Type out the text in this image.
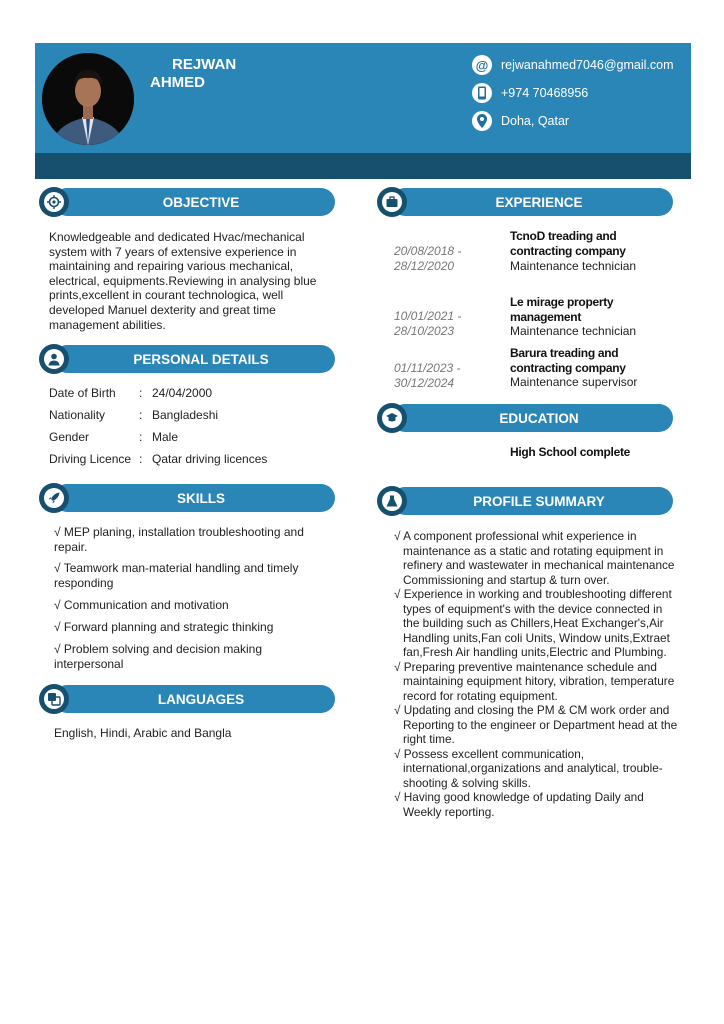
REJWAN
AHMED
@ rejwanahmed7046@gmail.com
+974 70468956
Doha, Qatar
OBJECTIVE
Knowledgeable and dedicated Hvac/mechanical system with 7 years of extensive experience in maintaining and repairing various mechanical, electrical, equipments.Reviewing in analysing blue prints,excellent in courant technologica, well developed Manuel dexterity and great time management abilities.
PERSONAL DETAILS
Date of Birth	: 24/04/2000
Nationality	: Bangladeshi
Gender	: Male
Driving Licence : Qatar driving licences
SKILLS
√ MEP planing, installation troubleshooting and repair.
√ Teamwork man-material handling and timely responding
√ Communication and motivation
√ Forward planning and strategic thinking
√ Problem solving and decision making interpersonal
LANGUAGES
English, Hindi, Arabic and Bangla
EXPERIENCE
TcnoD treading and contracting company
20/08/2018 - 28/12/2020	Maintenance technician
Le mirage property management
10/01/2021 - 28/10/2023	Maintenance technician
Barura treading and contracting company
01/11/2023 - 30/12/2024	Maintenance supervisor
EDUCATION
High School complete
PROFILE SUMMARY
√ A component professional whit experience in maintenance as a static and rotating equipment in refinery and wastewater in mechanical maintenance Commissioning and startup & turn over.
√ Experience in working and troubleshooting different types of equipment's with the device connected in the building such as Chillers,Heat Exchanger's,Air Handling units,Fan coli Units, Window units,Extraet fan,Fresh Air handling units,Electric and Plumbing.
√ Preparing preventive maintenance schedule and maintaining equipment hitory, vibration, temperature record for rotating equipment.
√ Updating and closing the PM & CM work order and Reporting to the engineer or Department head at the right time.
√ Possess excellent communication, international,organizations and analytical, trouble-shooting & solving skills.
√ Having good knowledge of updating Daily and Weekly reporting.
